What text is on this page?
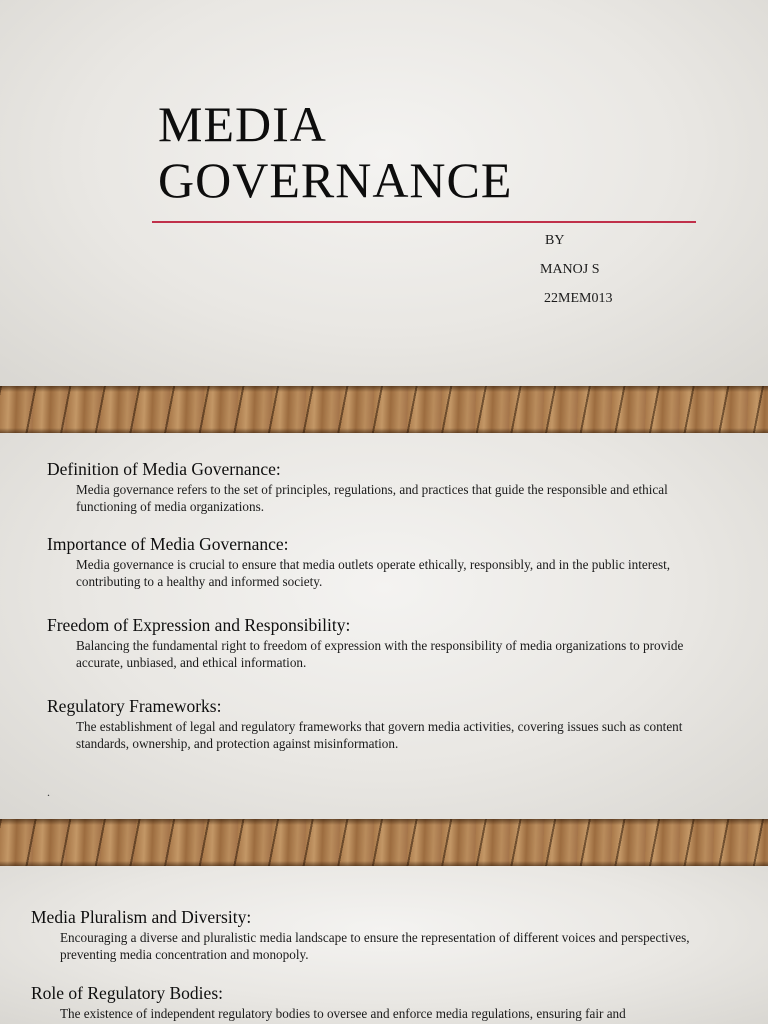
MEDIA
GOVERNANCE
BY
MANOJ S
22MEM013
Definition of Media Governance:

Media governance refers to the set of principles, regulations, and practices that guide the responsible and ethical functioning of media organizations.

Importance of Media Governance:

Media governance is crucial to ensure that media outlets operate ethically, responsibly, and in the public interest, contributing to a healthy and informed society.

Freedom of Expression and Responsibility:

Balancing the fundamental right to freedom of expression with the responsibility of media organizations to provide accurate, unbiased, and ethical information.

Regulatory Frameworks:

The establishment of legal and regulatory frameworks that govern media activities, covering issues such as content standards, ownership, and protection against misinformation.

.
Media Pluralism and Diversity:

Encouraging a diverse and pluralistic media landscape to ensure the representation of different voices and perspectives, preventing media concentration and monopoly.

Role of Regulatory Bodies:

The existence of independent regulatory bodies to oversee and enforce media regulations, ensuring fair and
